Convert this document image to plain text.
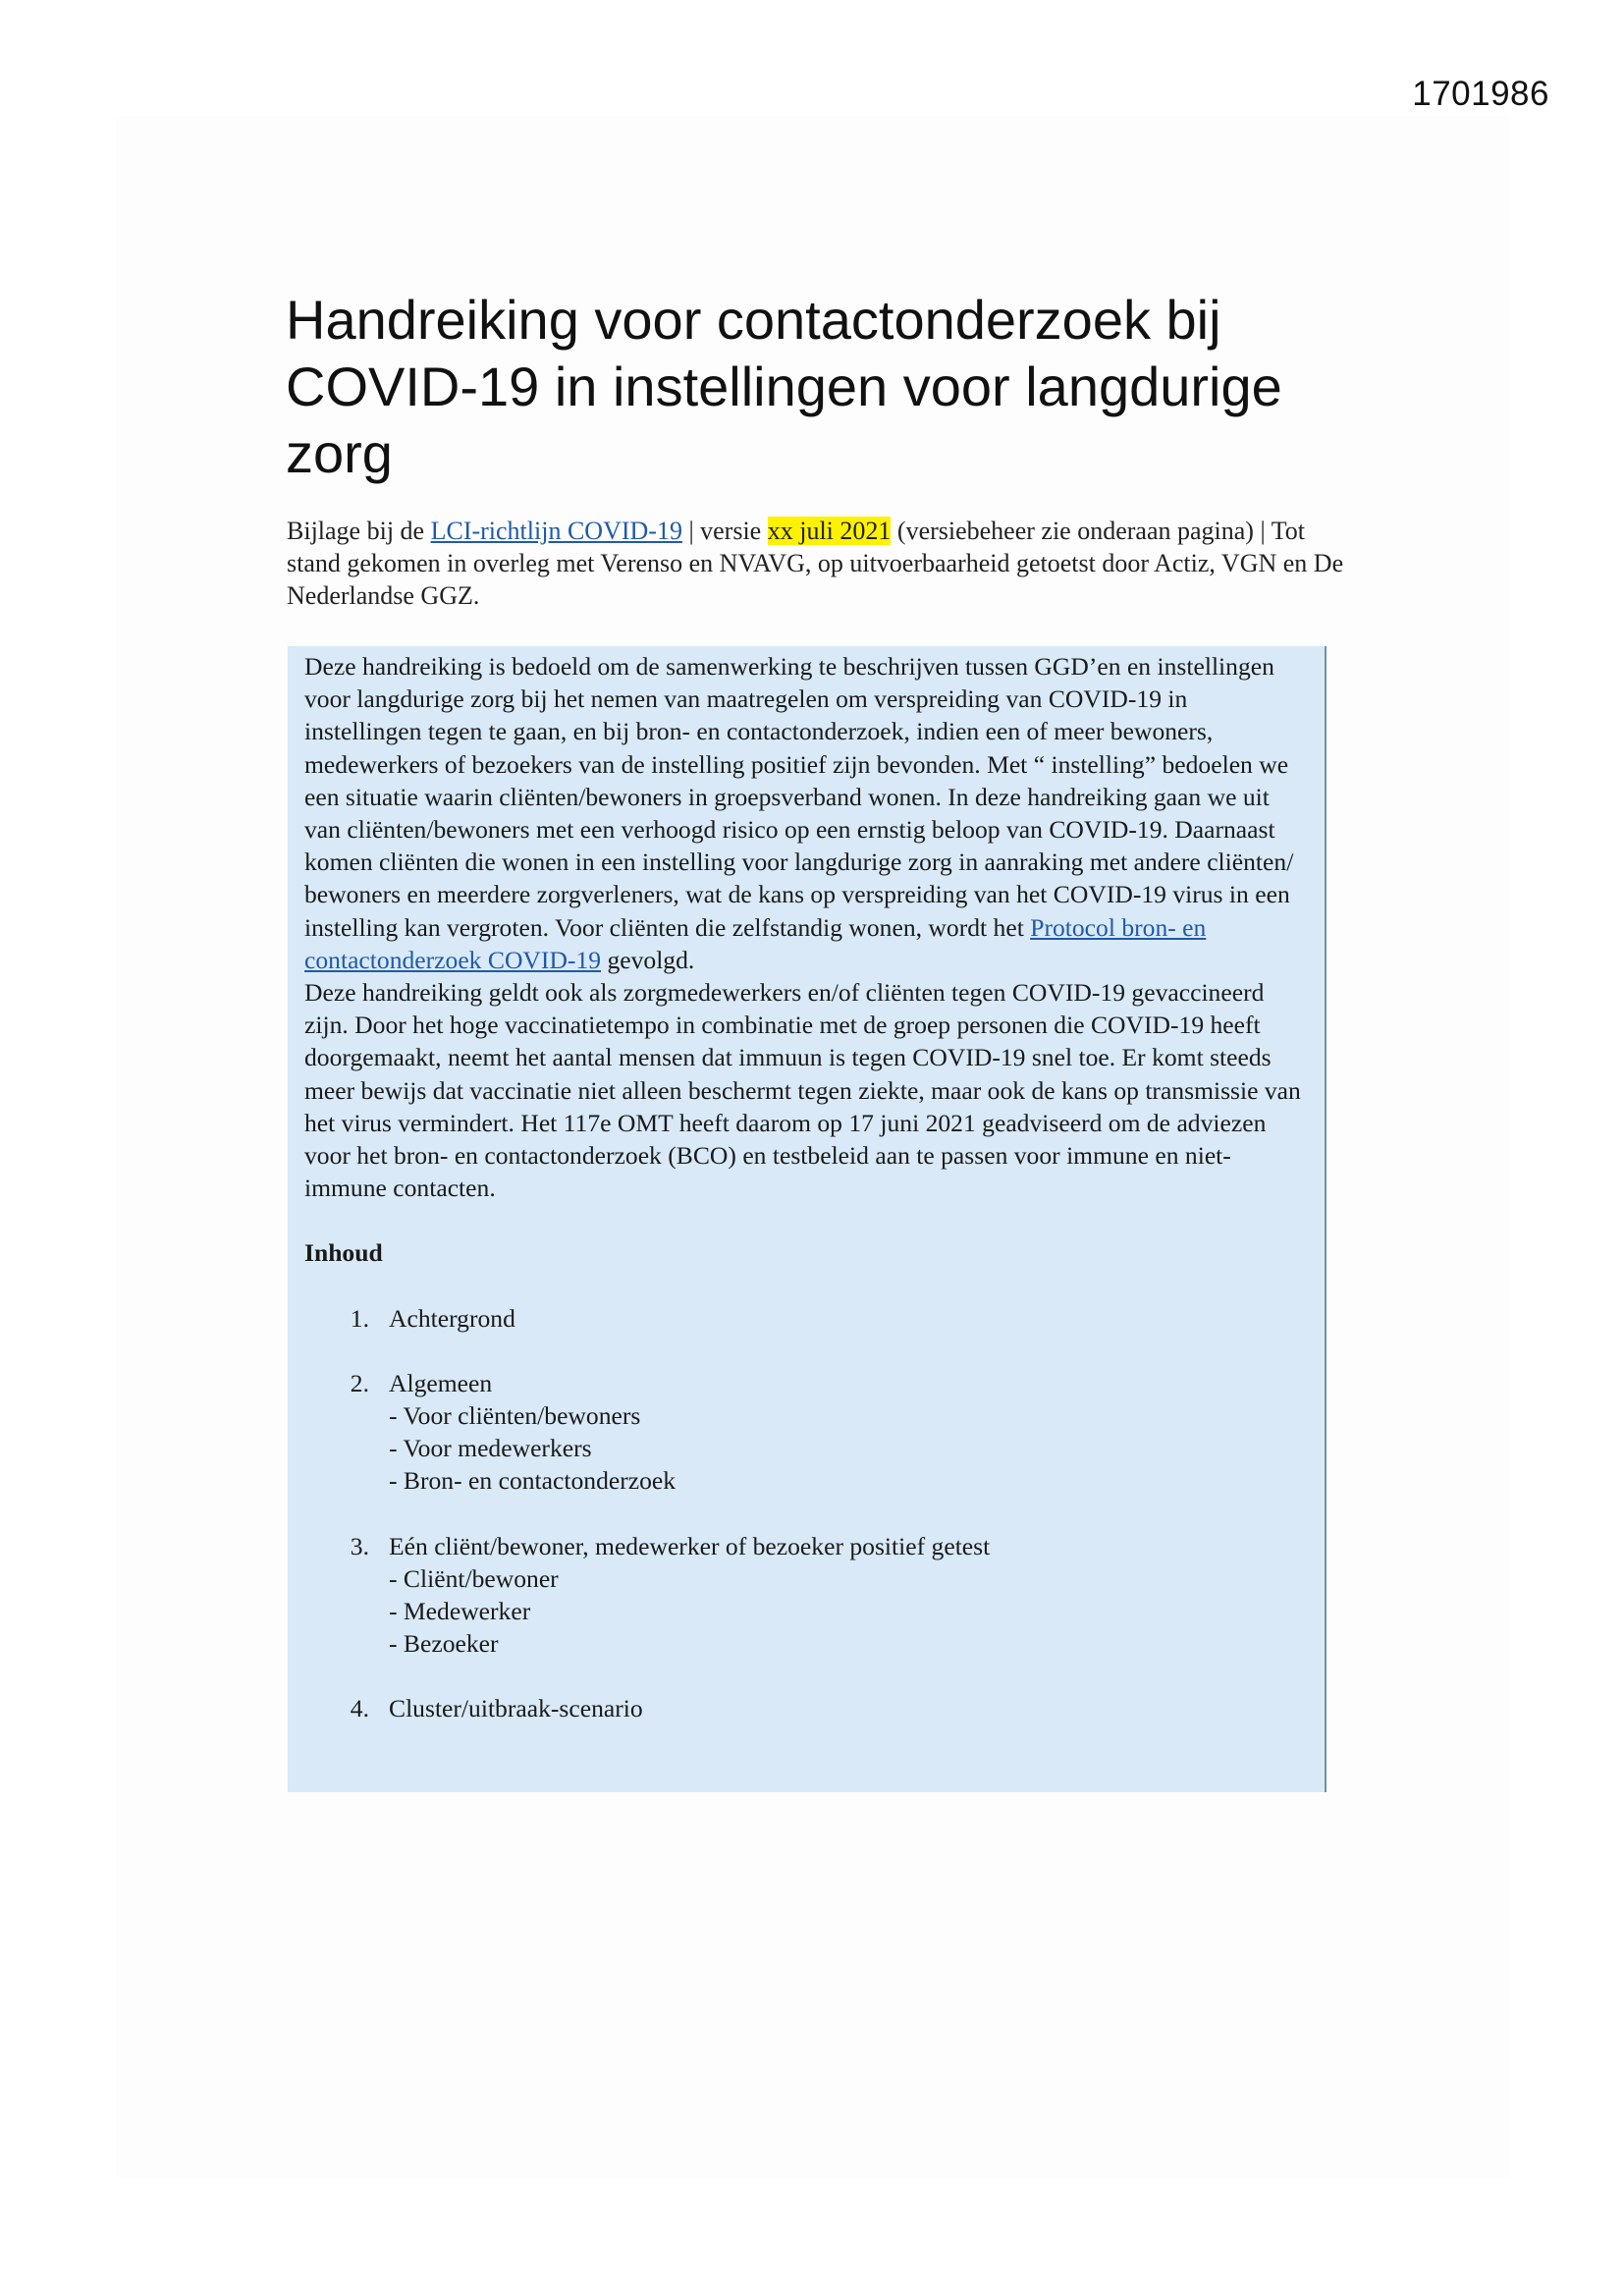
1701986
Handreiking voor contactonderzoek bij
COVID-19 in instellingen voor langdurige
zorg
Bijlage bij de LCI-richtlijn COVID-19 | versie xx juli 2021 (versiebeheer zie onderaan pagina) | Tot stand gekomen in overleg met Verenso en NVAVG, op uitvoerbaarheid getoetst door Actiz, VGN en De Nederlandse GGZ.

Deze handreiking is bedoeld om de samenwerking te beschrijven tussen GGD’en en instellingen voor langdurige zorg bij het nemen van maatregelen om verspreiding van COVID-19 in instellingen tegen te gaan, en bij bron- en contactonderzoek, indien een of meer bewoners, medewerkers of bezoekers van de instelling positief zijn bevonden. Met “ instelling” bedoelen we een situatie waarin cliënten/bewoners in groepsverband wonen. In deze handreiking gaan we uit van cliënten/bewoners met een verhoogd risico op een ernstig beloop van COVID-19. Daarnaast komen cliënten die wonen in een instelling voor langdurige zorg in aanraking met andere cliënten/ bewoners en meerdere zorgverleners, wat de kans op verspreiding van het COVID-19 virus in een instelling kan vergroten. Voor cliënten die zelfstandig wonen, wordt het Protocol bron- en contactonderzoek COVID-19 gevolgd.

Deze handreiking geldt ook als zorgmedewerkers en/of cliënten tegen COVID-19 gevaccineerd zijn. Door het hoge vaccinatietempo in combinatie met de groep personen die COVID-19 heeft doorgemaakt, neemt het aantal mensen dat immuun is tegen COVID-19 snel toe. Er komt steeds meer bewijs dat vaccinatie niet alleen beschermt tegen ziekte, maar ook de kans op transmissie van het virus vermindert. Het 117e OMT heeft daarom op 17 juni 2021 geadviseerd om de adviezen voor het bron- en contactonderzoek (BCO) en testbeleid aan te passen voor immune en niet-immune contacten.

Inhoud

1. Achtergrond
2. Algemeen
- Voor cliënten/bewoners
- Voor medewerkers
- Bron- en contactonderzoek
3. Eén cliënt/bewoner, medewerker of bezoeker positief getest
- Cliënt/bewoner
- Medewerker
- Bezoeker
4. Cluster/uitbraak-scenario
